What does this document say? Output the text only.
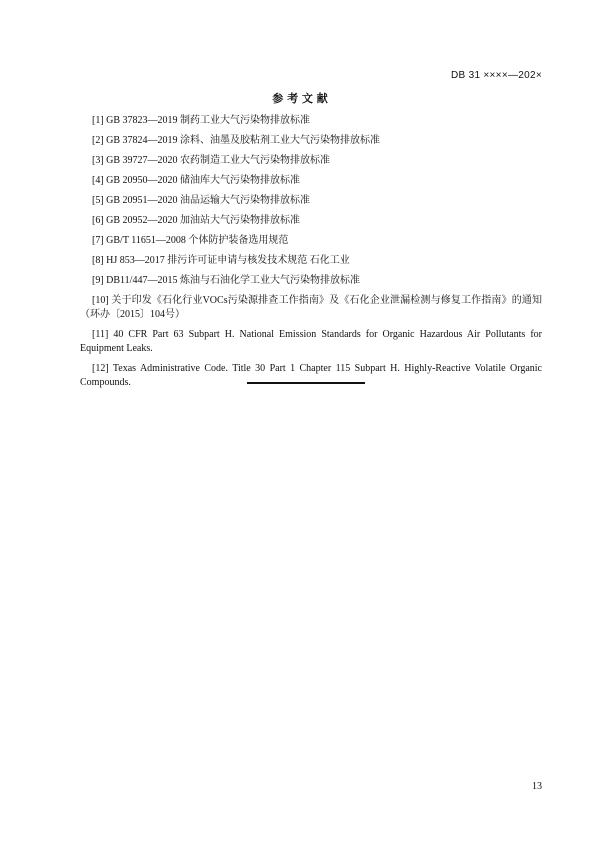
DB 31 ××××—202×
参 考 文 献
[1] GB 37823—2019 制药工业大气污染物排放标准
[2] GB 37824—2019 涂料、油墨及胶粘剂工业大气污染物排放标准
[3] GB 39727—2020 农药制造工业大气污染物排放标准
[4] GB 20950—2020 储油库大气污染物排放标准
[5] GB 20951—2020 油品运输大气污染物排放标准
[6] GB 20952—2020 加油站大气污染物排放标准
[7] GB/T 11651—2008 个体防护装备选用规范
[8] HJ 853—2017 排污许可证申请与核发技术规范 石化工业
[9] DB11/447—2015 炼油与石油化学工业大气污染物排放标准
[10] 关于印发《石化行业VOCs污染源排查工作指南》及《石化企业泄漏检测与修复工作指南》的通知（环办〔2015〕104号）
[11] 40 CFR Part 63 Subpart H. National Emission Standards for Organic Hazardous Air Pollutants for Equipment Leaks.
[12] Texas Administrative Code. Title 30 Part 1 Chapter 115 Subpart H. Highly-Reactive Volatile Organic Compounds.
13
